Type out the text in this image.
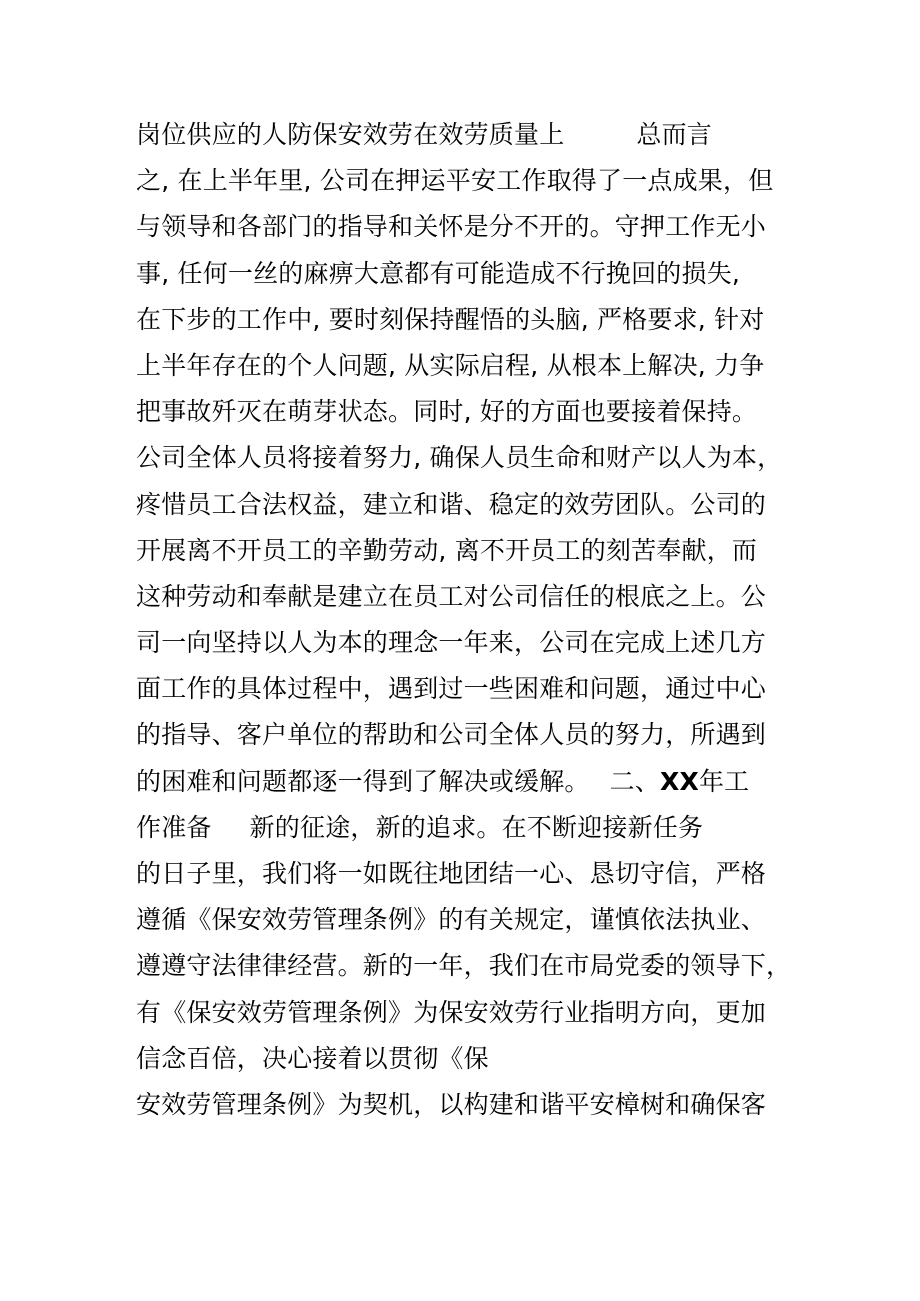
岗位供应的人防保安效劳在效劳质量上	总而言
之, 在上半年里, 公司在押运平安工作取得了一点成果，但
与领导和各部门的指导和关怀是分不开的。守押工作无小
事, 任何一丝的麻痹大意都有可能造成不行挽回的损失,
在下步的工作中, 要时刻保持醒悟的头脑, 严格要求, 针对
上半年存在的个人问题, 从实际启程, 从根本上解决, 力争
把事故歼灭在萌芽状态。同时, 好的方面也要接着保持。
公司全体人员将接着努力, 确保人员生命和财产以人为本，
疼惜员工合法权益，建立和谐、稳定的效劳团队。公司的
开展离不开员工的辛勤劳动, 离不开员工的刻苦奉献，而
这种劳动和奉献是建立在员工对公司信任的根底之上。公
司一向坚持以人为本的理念一年来，公司在完成上述几方
面工作的具体过程中，遇到过一些困难和问题，通过中心
的指导、客户单位的帮助和公司全体人员的努力，所遇到
的困难和问题都逐一得到了解决或缓解。 二、XX年工
作准备 新的征途，新的追求。在不断迎接新任务
的日子里，我们将一如既往地团结一心、恳切守信，严格
遵循《保安效劳管理条例》的有关规定，谨慎依法执业、
遵遵守法律律经营。新的一年，我们在市局党委的领导下，
有《保安效劳管理条例》为保安效劳行业指明方向，更加
信念百倍，决心接着以贯彻《保
安效劳管理条例》为契机，以构建和谐平安樟树和确保客
